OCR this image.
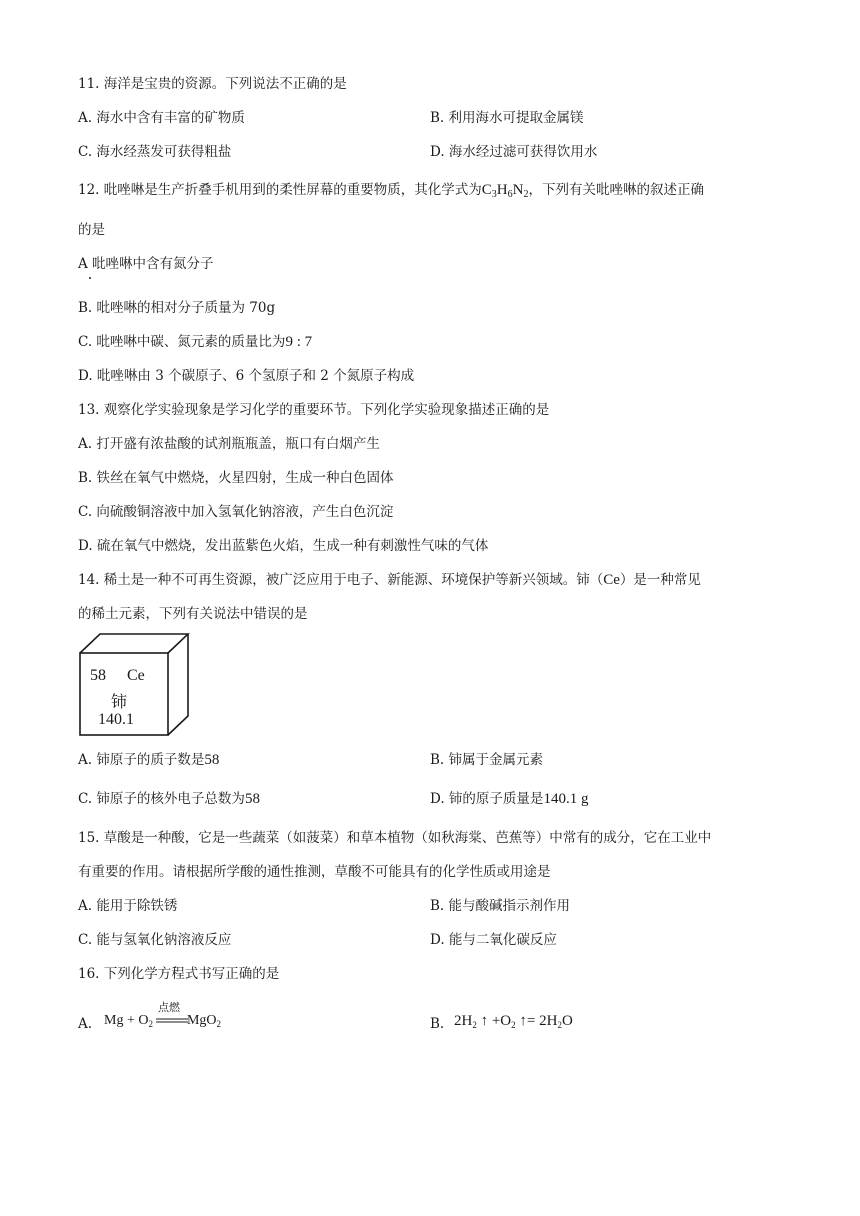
11. 海洋是宝贵的资源。下列说法不正确的是
A. 海水中含有丰富的矿物质	B. 利用海水可提取金属镁
C. 海水经蒸发可获得粗盐	D. 海水经过滤可获得饮用水
12. 吡唑啉是生产折叠手机用到的柔性屏幕的重要物质，其化学式为$C_3H_6N_2$，下列有关吡唑啉的叙述正确
的是
A 吡唑啉中含有氮分子
B. 吡唑啉的相对分子质量为 70g
C. 吡唑啉中碳、氮元素的质量比为9 : 7
D. 吡唑啉由 3 个碳原子、6 个氢原子和 2 个氮原子构成
13. 观察化学实验现象是学习化学的重要环节。下列化学实验现象描述正确的是
A. 打开盛有浓盐酸的试剂瓶瓶盖，瓶口有白烟产生
B. 铁丝在氧气中燃烧，火星四射，生成一种白色固体
C. 向硫酸铜溶液中加入氢氧化钠溶液，产生白色沉淀
D. 硫在氧气中燃烧，发出蓝紫色火焰，生成一种有刺激性气味的气体
14. 稀土是一种不可再生资源，被广泛应用于电子、新能源、环境保护等新兴领域。铈（Ce）是一种常见
的稀土元素，下列有关说法中错误的是
58 Ce
铈
140.1
A. 铈原子的质子数是58	B. 铈属于金属元素
C. 铈原子的核外电子总数为58	D. 铈的原子质量是140.1 g
15. 草酸是一种酸，它是一些蔬菜（如菠菜）和草本植物（如秋海棠、芭蕉等）中常有的成分，它在工业中
有重要的作用。请根据所学酸的通性推测，草酸不可能具有的化学性质或用途是
A. 能用于除铁锈	B. 能与酸碱指示剂作用
C. 能与氢氧化钠溶液反应	D. 能与二氧化碳反应
16. 下列化学方程式书写正确的是
A. $Mg + O_2$ MgO$_2$
点燃
B. $2H_2$ ↑ $+O_2$ ↑= $2H_2O$
